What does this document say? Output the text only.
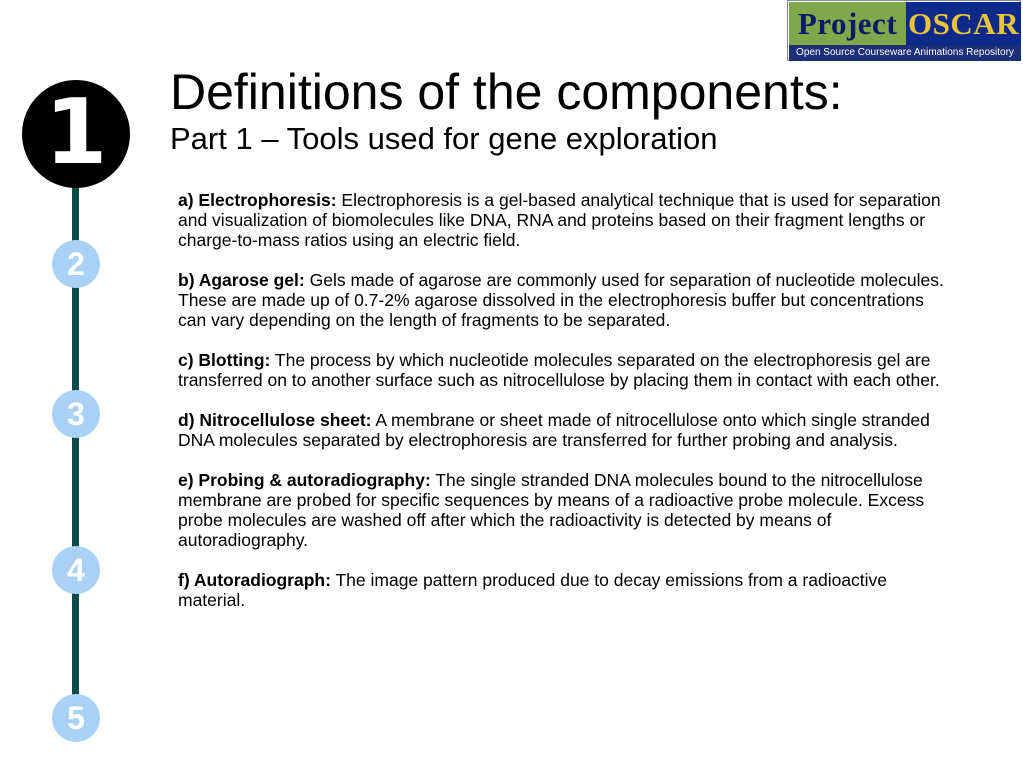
Project OSCAR
Open Source Courseware Animations Repository
1
2
3
4
5
Definitions of the components:
Part 1 – Tools used for gene exploration

a) Electrophoresis: Electrophoresis is a gel-based analytical technique that is used for separation and visualization of biomolecules like DNA, RNA and proteins based on their fragment lengths or charge-to-mass ratios using an electric field.

b) Agarose gel: Gels made of agarose are commonly used for separation of nucleotide molecules. These are made up of 0.7-2% agarose dissolved in the electrophoresis buffer but concentrations can vary depending on the length of fragments to be separated.

c) Blotting: The process by which nucleotide molecules separated on the electrophoresis gel are transferred on to another surface such as nitrocellulose by placing them in contact with each other.

d) Nitrocellulose sheet: A membrane or sheet made of nitrocellulose onto which single stranded DNA molecules separated by electrophoresis are transferred for further probing and analysis.

e) Probing & autoradiography: The single stranded DNA molecules bound to the nitrocellulose membrane are probed for specific sequences by means of a radioactive probe molecule. Excess probe molecules are washed off after which the radioactivity is detected by means of autoradiography.

f) Autoradiograph: The image pattern produced due to decay emissions from a radioactive material.
